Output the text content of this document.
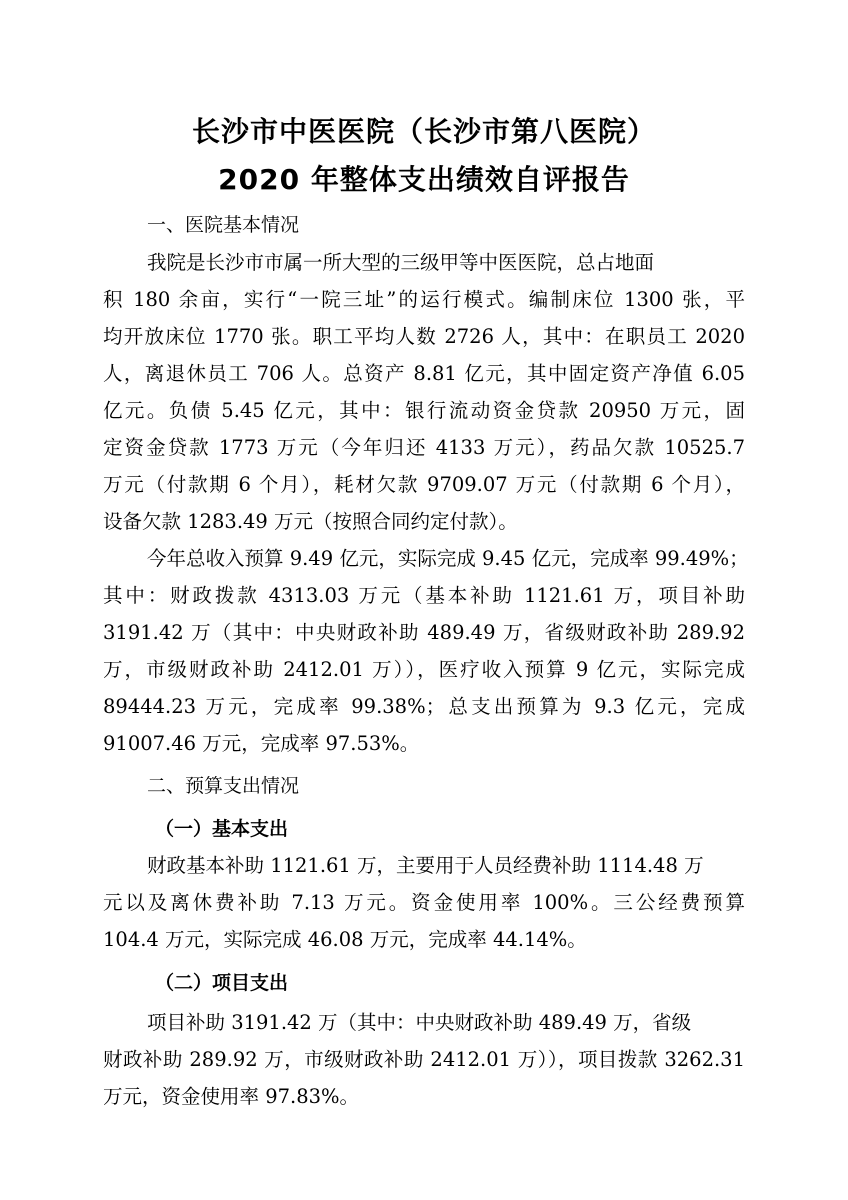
长沙市中医医院（长沙市第八医院）
2020 年整体支出绩效自评报告
一、医院基本情况
我院是长沙市市属一所大型的三级甲等中医医院，总占地面
积 180 余亩，实行“一院三址”的运行模式。编制床位 1300 张，平
均开放床位 1770 张。职工平均人数 2726 人，其中：在职员工 2020
人，离退休员工 706 人。总资产 8.81 亿元，其中固定资产净值 6.05
亿元。负债 5.45 亿元，其中：银行流动资金贷款 20950 万元，固
定资金贷款 1773 万元（今年归还 4133 万元），药品欠款 10525.7
万元（付款期 6 个月），耗材欠款 9709.07 万元（付款期 6 个月），
设备欠款 1283.49 万元（按照合同约定付款）。
今年总收入预算 9.49 亿元，实际完成 9.45 亿元，完成率 99.49%；
其中：财政拨款 4313.03 万元（基本补助 1121.61 万，项目补助
3191.42 万（其中：中央财政补助 489.49 万，省级财政补助 289.92
万，市级财政补助 2412.01 万）），医疗收入预算 9 亿元，实际完成
89444.23 万元，完成率 99.38%；总支出预算为 9.3 亿元，完成
91007.46 万元，完成率 97.53%。
二、预算支出情况
（一）基本支出
财政基本补助 1121.61 万，主要用于人员经费补助 1114.48 万
元以及离休费补助 7.13 万元。资金使用率 100%。三公经费预算
104.4 万元，实际完成 46.08 万元，完成率 44.14%。
（二）项目支出
项目补助 3191.42 万（其中：中央财政补助 489.49 万，省级
财政补助 289.92 万，市级财政补助 2412.01 万）），项目拨款 3262.31
万元，资金使用率 97.83%。
